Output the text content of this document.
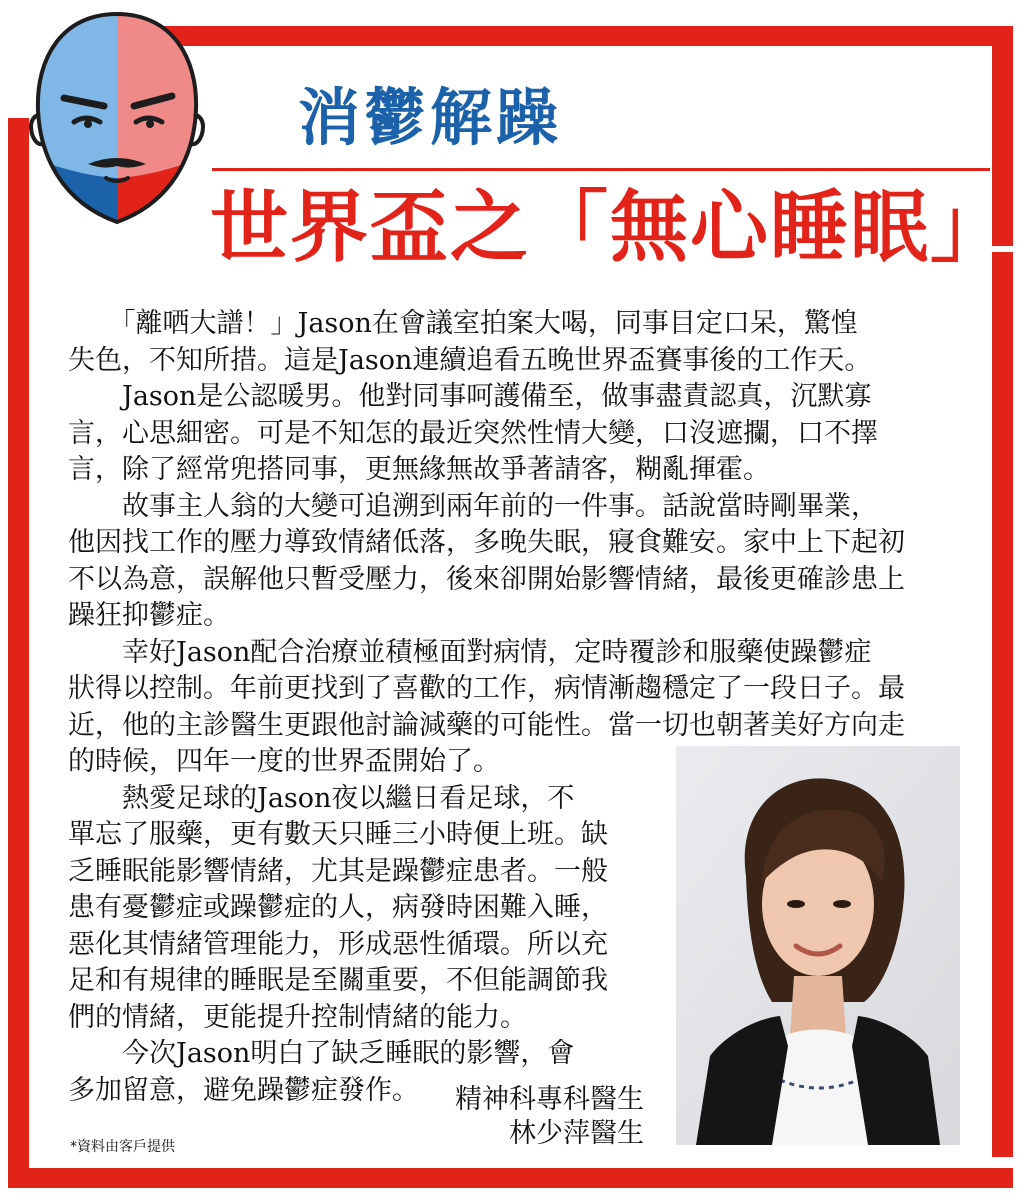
消鬱解躁
世界盃之「無心睡眠」

　　「離哂大譜！」Jason在會議室拍案大喝，同事目定口呆，驚惶

失色，不知所措。這是Jason連續追看五晚世界盃賽事後的工作天。

　　Jason是公認暖男。他對同事呵護備至，做事盡責認真，沉默寡

言，心思細密。可是不知怎的最近突然性情大變，口沒遮攔，口不擇

言，除了經常兜搭同事，更無緣無故爭著請客，糊亂揮霍。

　　故事主人翁的大變可追溯到兩年前的一件事。話說當時剛畢業，

他因找工作的壓力導致情緒低落，多晚失眠，寢食難安。家中上下起初

不以為意，誤解他只暫受壓力，後來卻開始影響情緒，最後更確診患上

躁狂抑鬱症。

　　幸好Jason配合治療並積極面對病情，定時覆診和服藥使躁鬱症

狀得以控制。年前更找到了喜歡的工作，病情漸趨穩定了一段日子。最

近，他的主診醫生更跟他討論減藥的可能性。當一切也朝著美好方向走

的時候，四年一度的世界盃開始了。

　　熱愛足球的Jason夜以繼日看足球，不

單忘了服藥，更有數天只睡三小時便上班。缺

乏睡眠能影響情緒，尤其是躁鬱症患者。一般

患有憂鬱症或躁鬱症的人，病發時困難入睡，

惡化其情緒管理能力，形成惡性循環。所以充

足和有規律的睡眠是至關重要，不但能調節我

們的情緒，更能提升控制情緒的能力。

　　今次Jason明白了缺乏睡眠的影響，會

多加留意，避免躁鬱症發作。	精神科專科醫生
林少萍醫生

*資料由客戶提供
